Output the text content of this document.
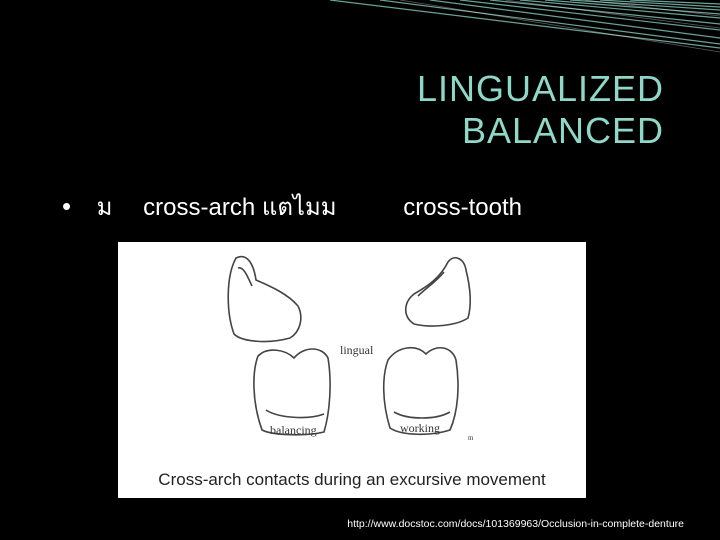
LINGUALIZED
BALANCED
• ม cross-arch แตไมม	cross-tooth
lingual
balancing	working
m
Cross-arch contacts during an excursive movement
http://www.docstoc.com/docs/101369963/Occlusion-in-complete-denture
